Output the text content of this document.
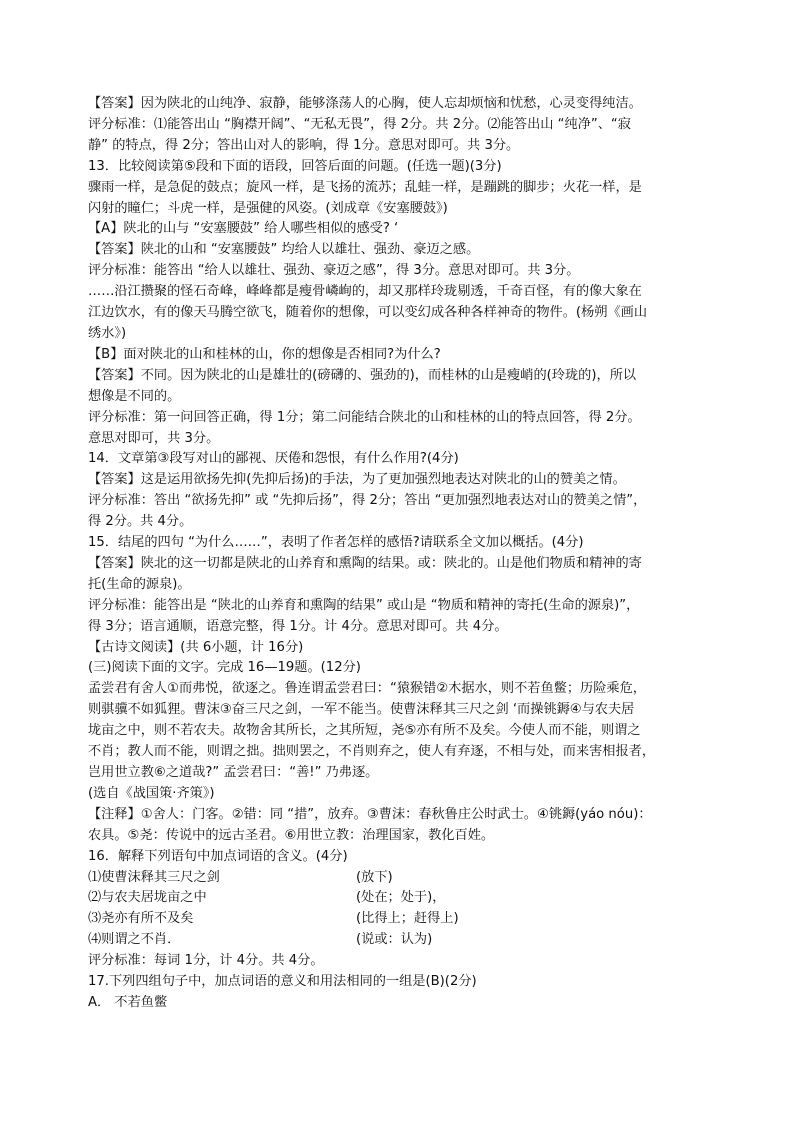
【答案】因为陕北的山纯净、寂静，能够涤荡人的心胸，使人忘却烦恼和忧愁，心灵变得纯洁。

评分标准：⑴能答出山 “胸襟开阔”、“无私无畏”，得 2分。共 2分。⑵能答出山 “纯净”、“寂

静” 的特点，得 2分；答出山对人的影响，得 1分。意思对即可。共 3分。

13．比较阅读第⑤段和下面的语段，回答后面的问题。(任选一题)(3分)

骤雨一样，是急促的鼓点；旋风一样，是飞扬的流苏；乱蛙一样，是蹦跳的脚步；火花一样，是

闪射的瞳仁；斗虎一样，是强健的风姿。(刘成章《安塞腰鼓》)

【A】陕北的山与 “安塞腰鼓” 给人哪些相似的感受? ‘

【答案】陕北的山和 “安塞腰鼓” 均给人以雄壮、强劲、豪迈之感。

评分标准：能答出 “给人以雄壮、强劲、豪迈之感”，得 3分。意思对即可。共 3分。

……沿江攒聚的怪石奇峰，峰峰都是瘦骨嶙峋的，却又那样玲珑剔透，千奇百怪，有的像大象在

江边饮水，有的像天马腾空欲飞，随着你的想像，可以变幻成各种各样神奇的物件。(杨朔《画山

绣水》)

【B】面对陕北的山和桂林的山，你的想像是否相同?为什么?

【答案】不同。因为陕北的山是雄壮的(磅礴的、强劲的)，而桂林的山是瘦峭的(玲珑的)，所以

想像是不同的。

评分标准：第一问回答正确，得 1分；第二问能结合陕北的山和桂林的山的特点回答，得 2分。

意思对即可，共 3分。

14．文章第③段写对山的鄙视、厌倦和怨恨，有什么作用?(4分)

【答案】这是运用欲扬先抑(先抑后扬)的手法，为了更加强烈地表达对陕北的山的赞美之情。

评分标准：答出 “欲扬先抑” 或 “先抑后扬”，得 2分；答出 “更加强烈地表达对山的赞美之情”，

得 2分。共 4分。

15．结尾的四句 “为什么……”，表明了作者怎样的感悟?请联系全文加以概括。(4分)

【答案】陕北的这一切都是陕北的山养育和熏陶的结果。或：陕北的。山是他们物质和精神的寄

托(生命的源泉)。

评分标准：能答出是 “陕北的山养育和熏陶的结果” 或山是 “物质和精神的寄托(生命的源泉)”，

得 3分；语言通顺，语意完整，得 1分。计 4分。意思对即可。共 4分。

【古诗文阅读】(共 6小题，计 16分)

(三)阅读下面的文字。完成 16—19题。(12分)

孟尝君有舍人①而弗悦，欲逐之。鲁连谓孟尝君曰：“猿猴错②木据水，则不若鱼鳖；历险乘危，

则骐骥不如狐狸。曹沫③奋三尺之剑，一军不能当。使曹沫释其三尺之剑 ‘而操铫鎒④与农夫居

垅亩之中，则不若农夫。故物舍其所长，之其所短，尧⑤亦有所不及矣。今使人而不能，则谓之

不肖；教人而不能，则谓之拙。拙则罢之，不肖则弃之，使人有弃逐，不相与处，而来害相报者，

岂用世立教⑥之道哉?” 孟尝君曰：“善!” 乃弗逐。

(选自《战国策·齐策》)

【注释】①舍人：门客。②错：同 “措”，放弃。③曹沫：春秋鲁庄公时武士。④铫鎒(yáo nóu)：

农具。⑤尧：传说中的远古圣君。⑥用世立教：治理国家，教化百姓。

16．解释下列语句中加点词语的含义。(4分)

⑴使曹沫释其三尺之剑	(放下)
⑵与农夫居垅亩之中	(处在；处于)，
⑶尧亦有所不及矣	(比得上；赶得上)
⑷则谓之不肖．	(说或：认为)

评分标准：每词 1分，计 4分。共 4分。

17.下列四组句子中，加点词语的意义和用法相同的一组是(B)(2分)

A． 不若鱼鳖
